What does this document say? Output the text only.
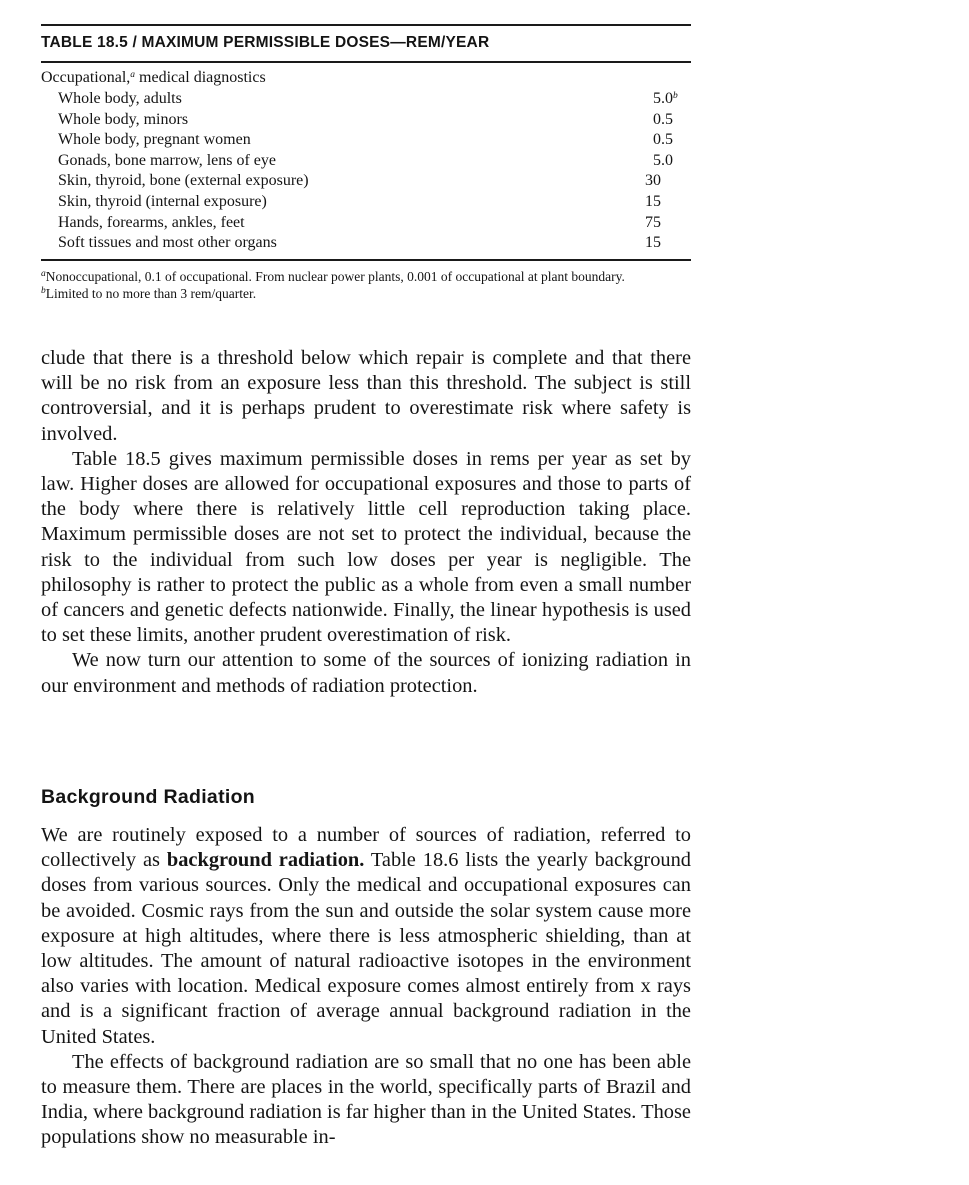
TABLE 18.5 / MAXIMUM PERMISSIBLE DOSES—REM/YEAR
Occupational,$^a$ medical diagnostics
Whole body, adults	5.0$^b$
Whole body, minors	0.5
Whole body, pregnant women	0.5
Gonads, bone marrow, lens of eye	5.0
Skin, thyroid, bone (external exposure)	30
Skin, thyroid (internal exposure)	15
Hands, forearms, ankles, feet	75
Soft tissues and most other organs	15
$^a$Nonoccupational, 0.1 of occupational. From nuclear power plants, 0.001 of occupational at plant boundary.
$^b$Limited to no more than 3 rem/quarter.

clude that there is a threshold below which repair is complete and that there will be no risk from an exposure less than this threshold. The subject is still controversial, and it is perhaps prudent to overestimate risk where safety is involved.

Table 18.5 gives maximum permissible doses in rems per year as set by law. Higher doses are allowed for occupational exposures and those to parts of the body where there is relatively little cell reproduction taking place. Maximum permissible doses are not set to protect the individual, because the risk to the individual from such low doses per year is negligible. The philosophy is rather to protect the public as a whole from even a small number of cancers and genetic defects nationwide. Finally, the linear hypothesis is used to set these limits, another prudent overestimation of risk.

We now turn our attention to some of the sources of ionizing radiation in our environment and methods of radiation protection.

Background Radiation

We are routinely exposed to a number of sources of radiation, referred to collectively as background radiation. Table 18.6 lists the yearly background doses from various sources. Only the medical and occupational exposures can be avoided. Cosmic rays from the sun and outside the solar system cause more exposure at high altitudes, where there is less atmospheric shielding, than at low altitudes. The amount of natural radioactive isotopes in the environment also varies with location. Medical exposure comes almost entirely from x rays and is a significant fraction of average annual background radiation in the United States.

The effects of background radiation are so small that no one has been able to measure them. There are places in the world, specifically parts of Brazil and India, where background radiation is far higher than in the United States. Those populations show no measurable in-
